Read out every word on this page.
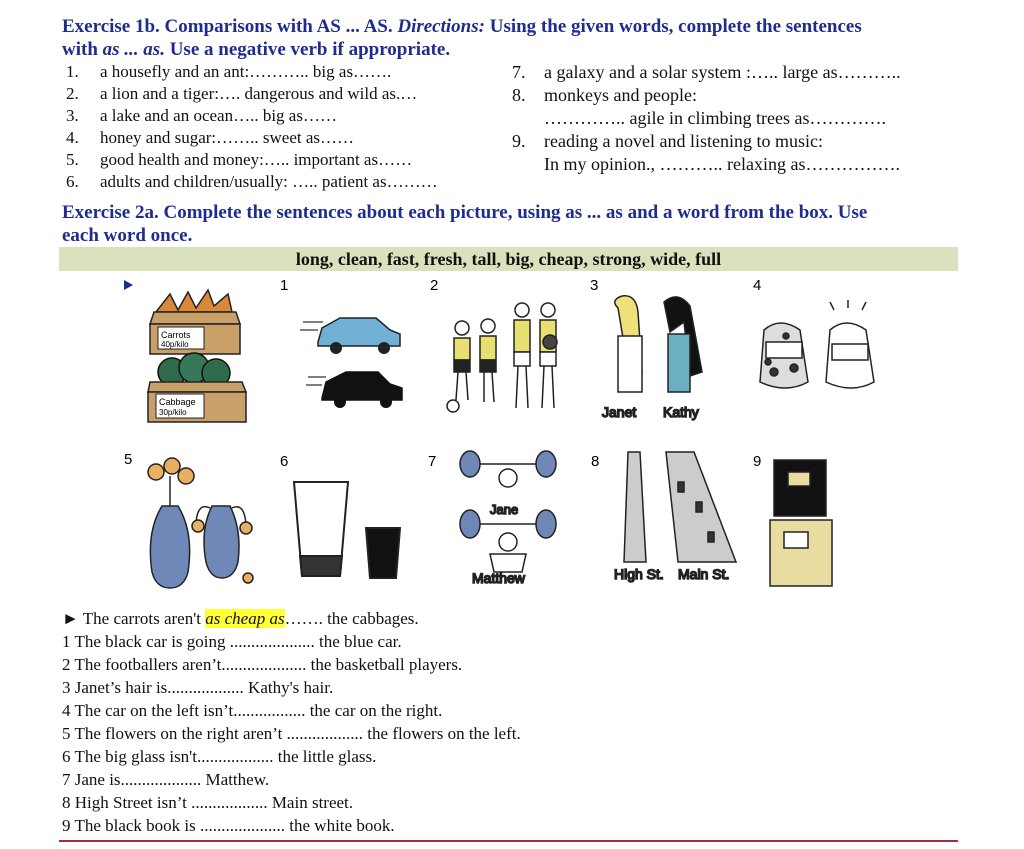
Exercise 1b. Comparisons with AS ... AS. Directions: Using the given words, complete the sentences
with as ... as. Use a negative verb if appropriate.
1. a housefly and an ant:……….. big as…….
2. a lion and a tiger:…. dangerous and wild as.…
3. a lake and an ocean….. big as……
4. honey and sugar:…….. sweet as……
5. good health and money:….. important as……
6. adults and children/usually: ….. patient as………
7. a galaxy and a solar system :….. large as………..
8. monkeys and people:
………….. agile in climbing trees as………….
9. reading a novel and listening to music:
In my opinion., ……….. relaxing as…………….
Exercise 2a. Complete the sentences about each picture, using as ... as and a word from the box. Use
each word once.
long, clean, fast, fresh, tall, big, cheap, strong, wide, full
1	2	3	4
5	6	7	8	9
Carrots
40p/kilo
Cabbage
30p/kilo	Janet Kathy
Jane
Matthew	High St. Main St.
► The carrots aren't as cheap as……. the cabbages.
1 The black car is going .................... the blue car.
2 The footballers aren’t.................... the basketball players.
3 Janet’s hair is.................. Kathy's hair.
4 The car on the left isn’t................. the car on the right.
5 The flowers on the right aren’t .................. the flowers on the left.
6 The big glass isn't.................. the little glass.
7 Jane is................... Matthew.
8 High Street isn’t .................. Main street.
9 The black book is .................... the white book.
